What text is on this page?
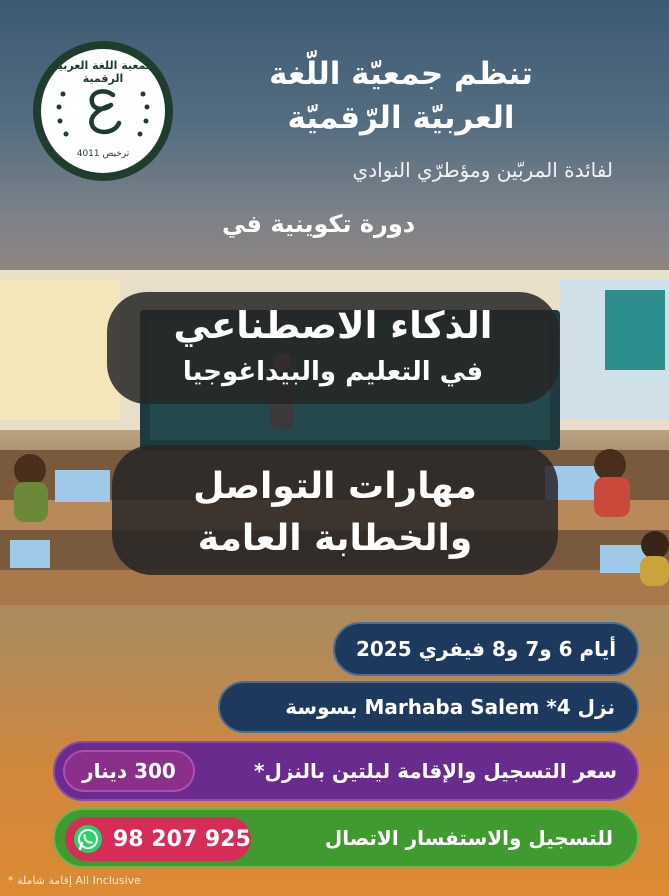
جمعية اللغة العربية الرقمية
ترخيص 4011
تنظم جمعيّة اللّغة
العربيّة الرّقميّة
لفائدة المربّين ومؤطرّي النوادي
دورة تكوينية في
الذكاء الاصطناعي
في التعليم والبيداغوجيا
مهارات التواصل
والخطابة العامة
أيام 6 و7 و8 فيفري 2025
نزل 4* Marhaba Salem بسوسة
سعر التسجيل والإقامة ليلتين بالنزل*
300 دينار
للتسجيل والاستفسار الاتصال
98 207 925
* إقامة شاملة All Inclusive
